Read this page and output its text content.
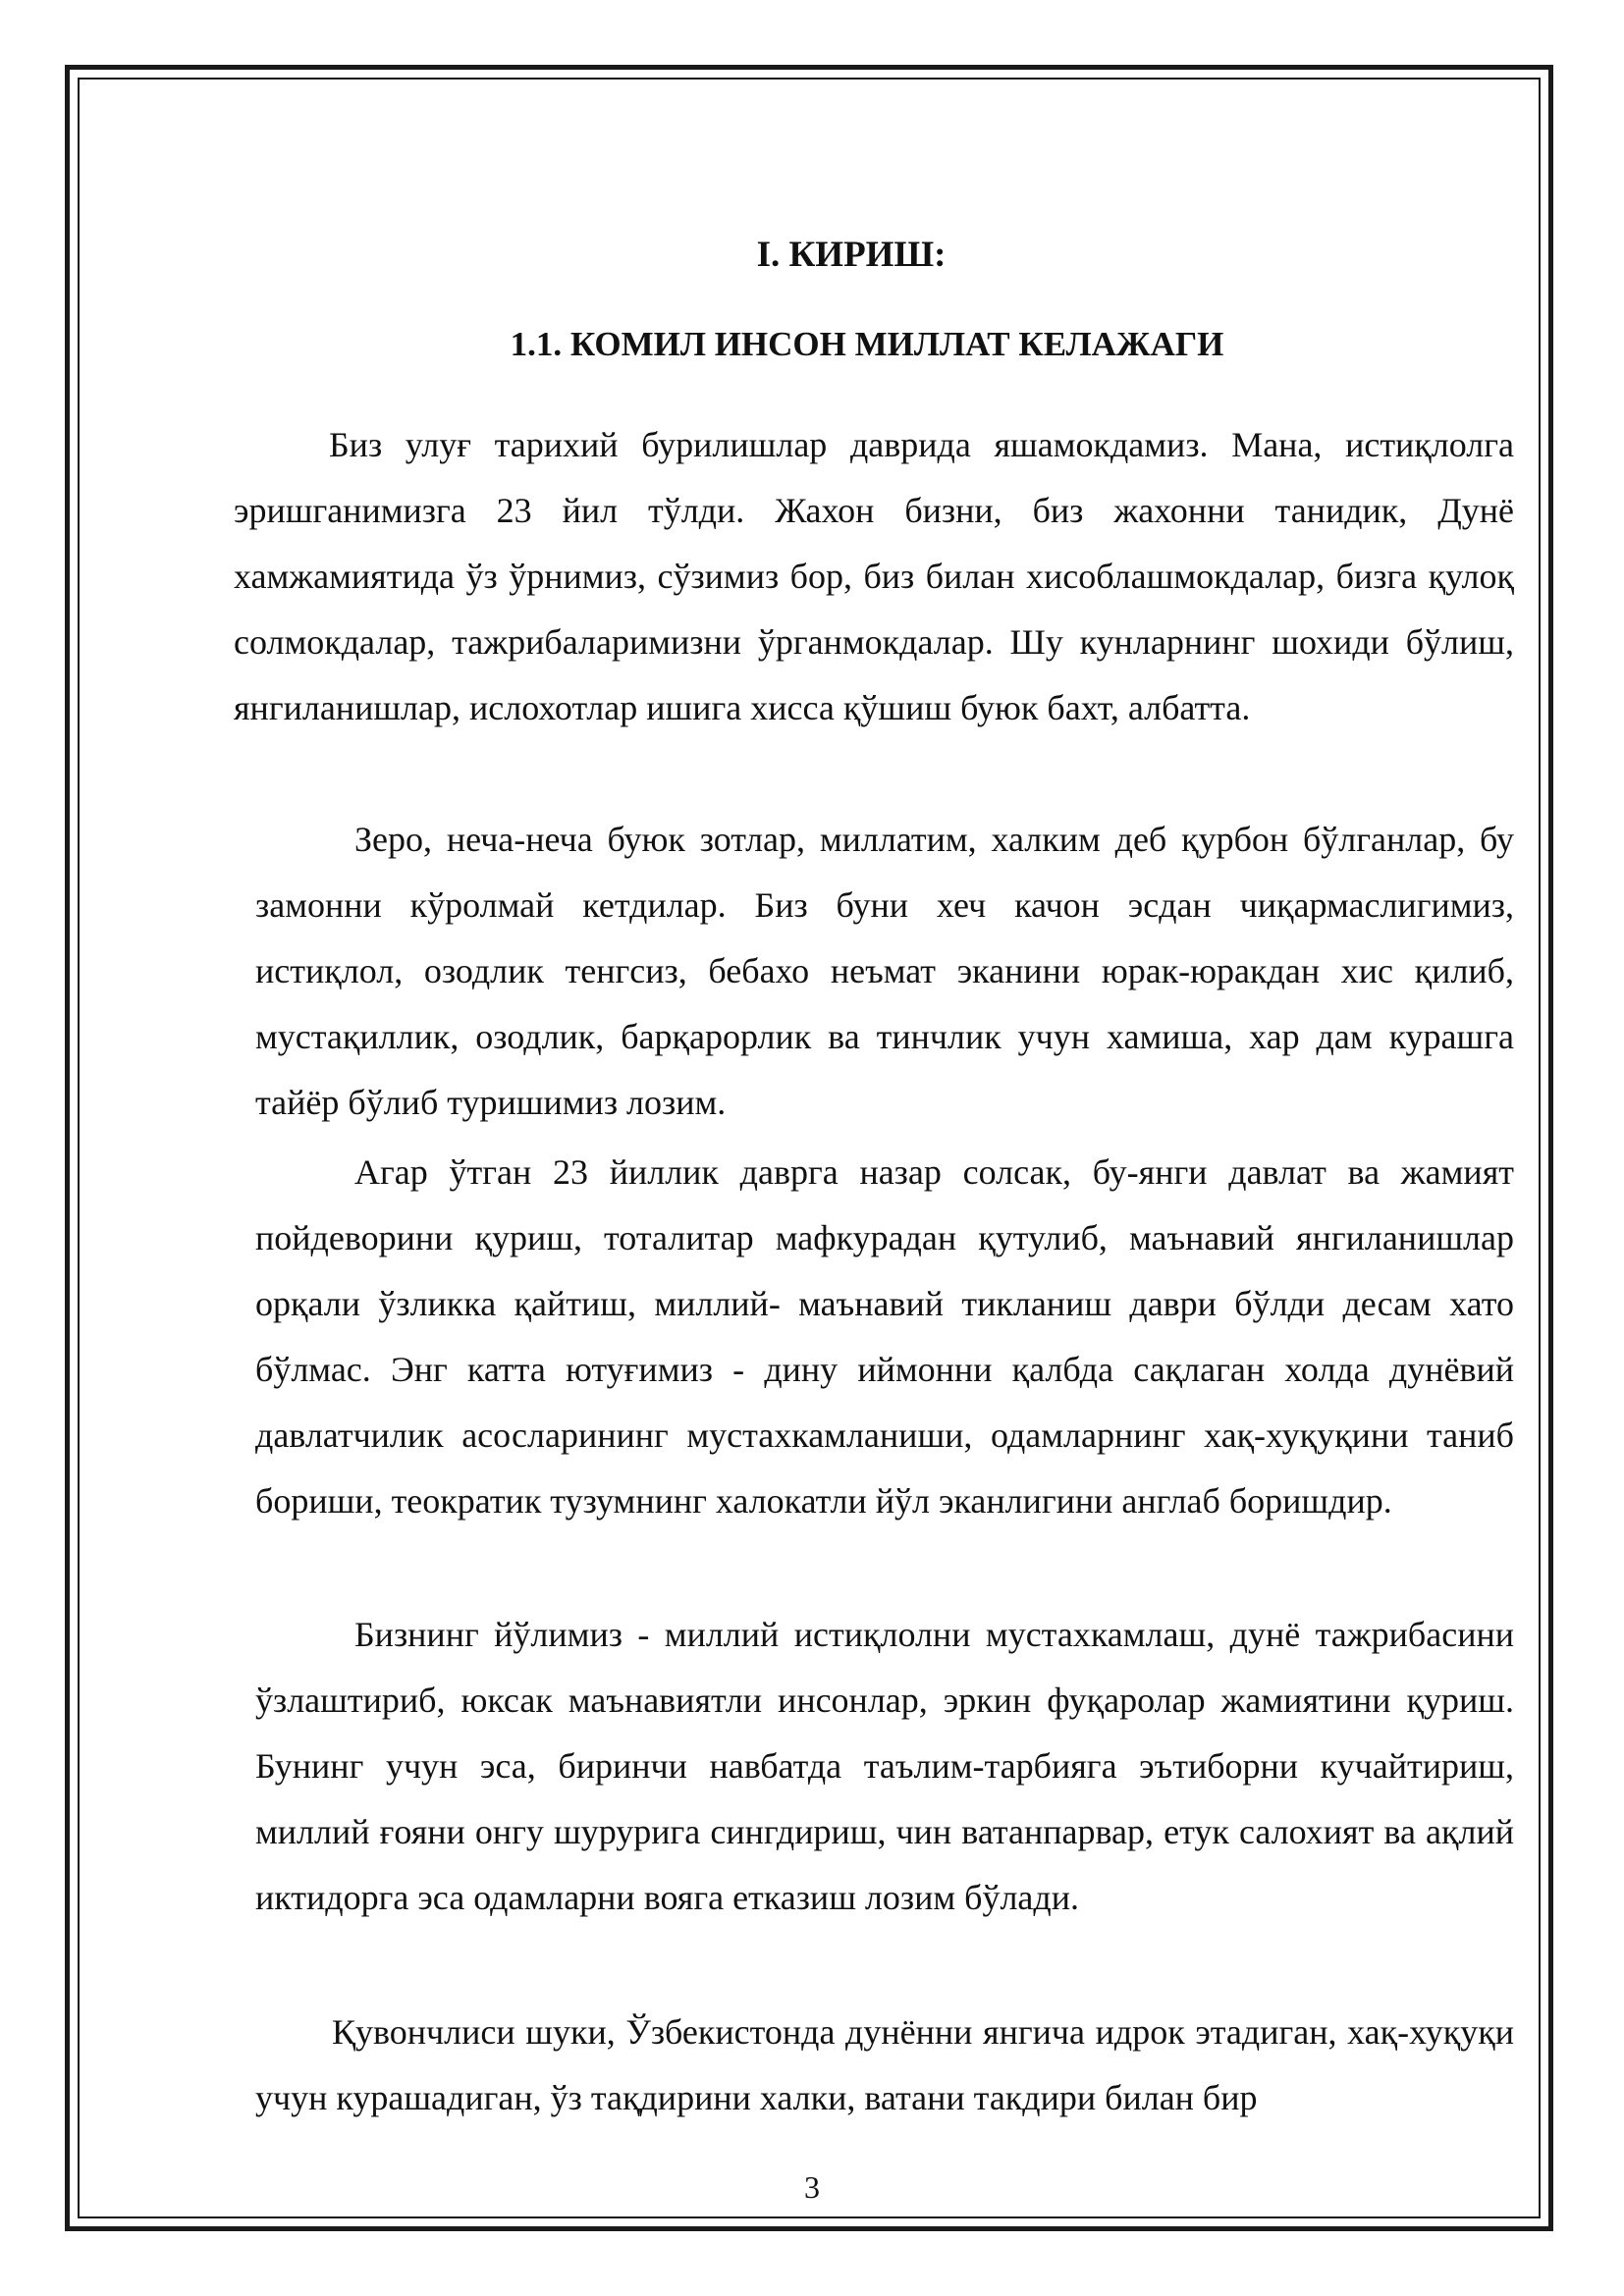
I. КИРИШ:
1.1. КОМИЛ ИНСОН МИЛЛАТ КЕЛАЖАГИ

Биз улуғ тарихий бурилишлар даврида яшамокдамиз. Мана, истиқлолга эришганимизга 23 йил тўлди. Жахон бизни, биз жахонни танидик, Дунё хамжамиятида ўз ўрнимиз, сўзимиз бор, биз билан хисоблашмокдалар, бизга қулоқ солмокдалар, тажрибаларимизни ўрганмокдалар. Шу кунларнинг шохиди бўлиш, янгиланишлар, ислохотлар ишига хисса қўшиш буюк бахт, албатта.

Зеро, неча-неча буюк зотлар, миллатим, халким деб қурбон бўлганлар, бу замонни кўролмай кетдилар. Биз буни хеч качон эсдан чиқармаслигимиз, истиқлол, озодлик тенгсиз, бебахо неъмат эканини юрак-юракдан хис қилиб, мустақиллик, озодлик, барқарорлик ва тинчлик учун хамиша, хар дам курашга тайёр бўлиб туришимиз лозим.

Агар ўтган 23 йиллик даврга назар солсак, бу-янги давлат ва жамият пойдеворини қуриш, тоталитар мафкурадан қутулиб, маънавий янгиланишлар орқали ўзликка қайтиш, миллий- маънавий тикланиш даври бўлди десам хато бўлмас. Энг катта ютуғимиз - дину иймонни қалбда сақлаган холда дунёвий давлатчилик асосларининг мустахкамланиши, одамларнинг хақ-хуқуқини таниб бориши, теократик тузумнинг халокатли йўл эканлигини англаб боришдир.

Бизнинг йўлимиз - миллий истиқлолни мустахкамлаш, дунё тажрибасини ўзлаштириб, юксак маънавиятли инсонлар, эркин фуқаролар жамиятини қуриш. Бунинг учун эса, биринчи навбатда таълим-тарбияга эътиборни кучайтириш, миллий ғояни онгу шурурига сингдириш, чин ватанпарвар, етук салохият ва ақлий иктидорга эса одамларни вояга етказиш лозим бўлади.

Қувончлиси шуки, Ўзбекистонда дунённи янгича идрок этадиган, хақ-хуқуқи учун курашадиган, ўз тақдирини халки, ватани такдири билан бир

3
